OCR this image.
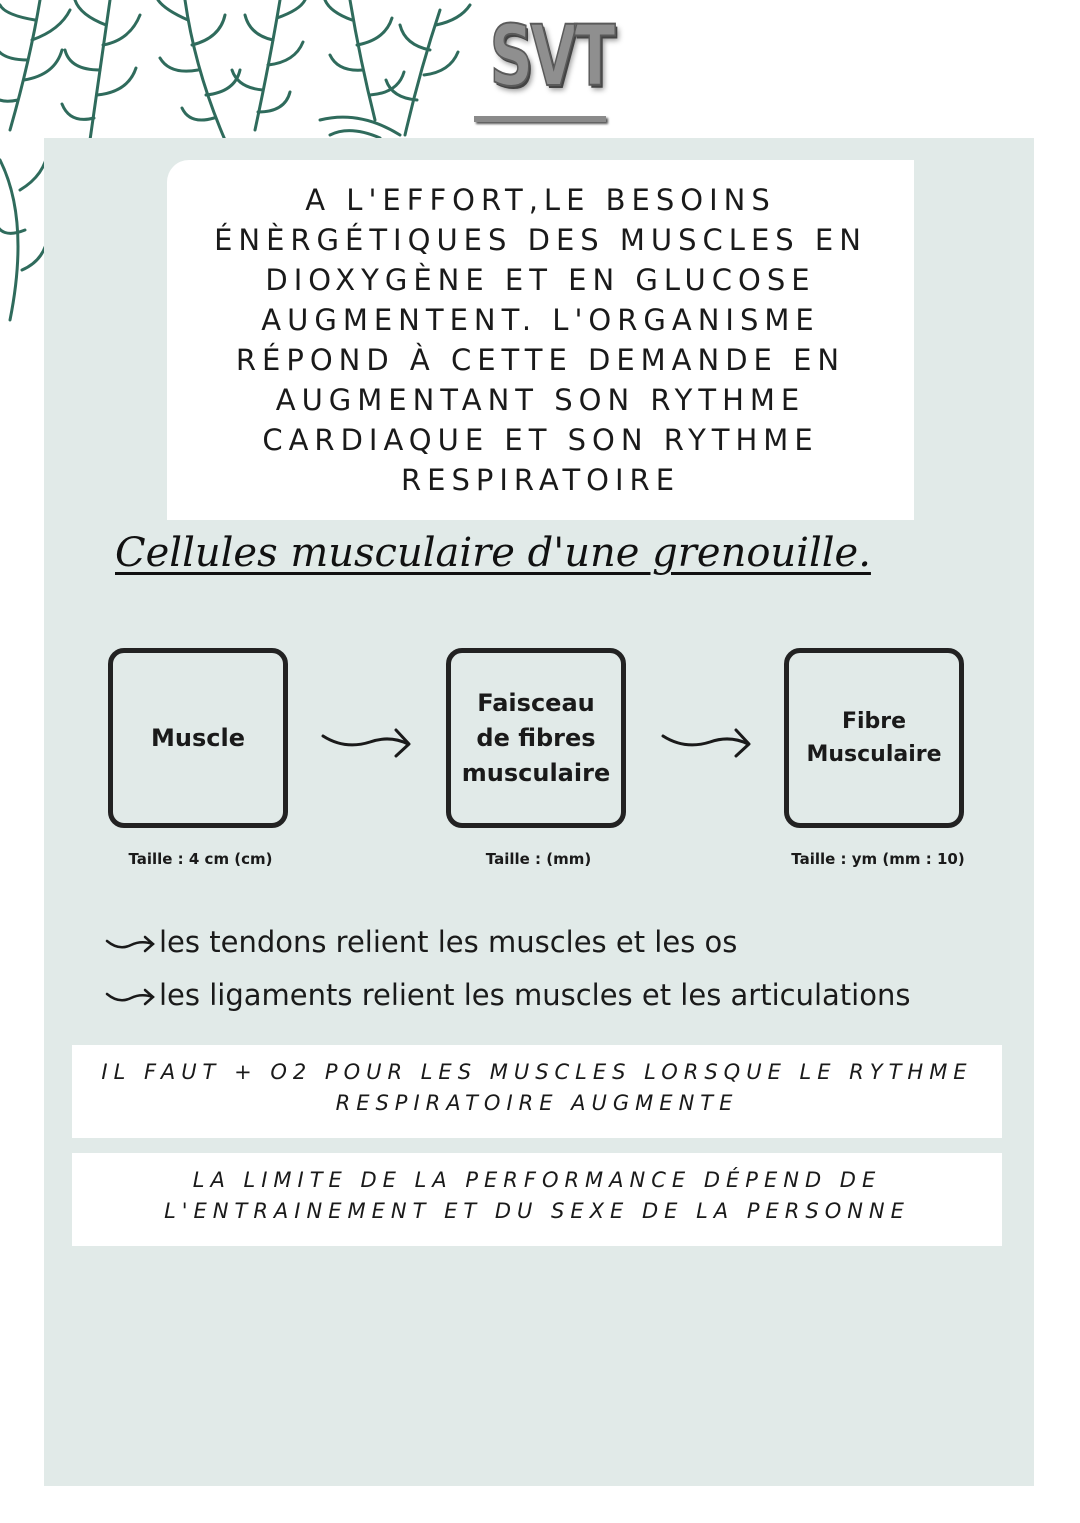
SVT
A L'EFFORT,LE BESOINS
ÉNÈRGÉTIQUES DES MUSCLES EN
DIOXYGÈNE ET EN GLUCOSE
AUGMENTENT. L'ORGANISME
RÉPOND À CETTE DEMANDE EN
AUGMENTANT SON RYTHME
CARDIAQUE ET SON RYTHME
RESPIRATOIRE
Cellules musculaire d'une grenouille.
Muscle
Taille : 4 cm (cm)
Faisceau
de fibres
musculaire
Taille : (mm)
Fibre
Musculaire
Taille : ym (mm : 10)
les tendons relient les muscles et les os
les ligaments relient les muscles et les articulations
IL FAUT + O2 POUR LES MUSCLES LORSQUE LE RYTHME
RESPIRATOIRE AUGMENTE
LA LIMITE DE LA PERFORMANCE DÉPEND DE
L'ENTRAINEMENT ET DU SEXE DE LA PERSONNE
